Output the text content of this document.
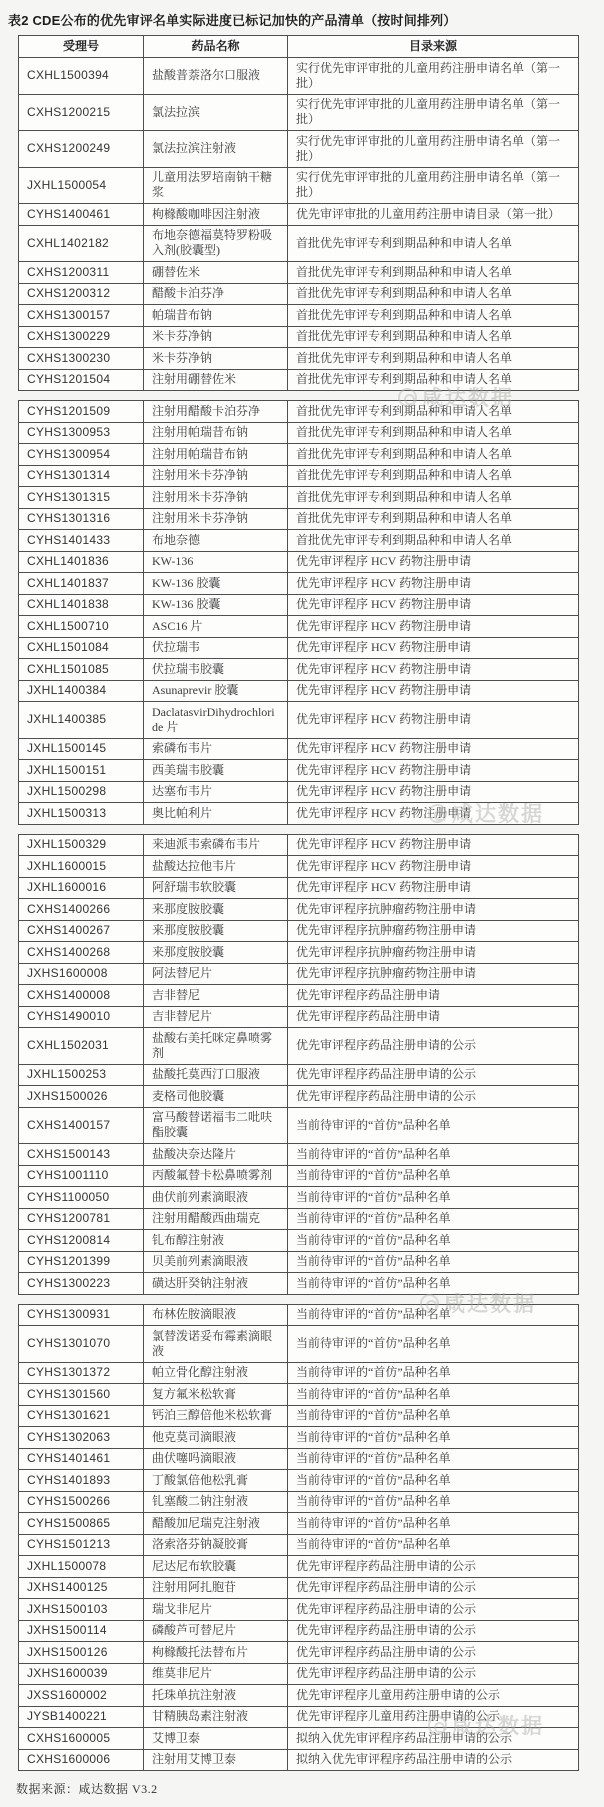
表2 CDE公布的优先审评名单实际进度已标记加快的产品清单（按时间排列）
受理号	药品名称	目录来源
CXHL1500394	盐酸普萘洛尔口服液	实行优先审评审批的儿童用药注册申请名单（第一批）
CXHS1200215	氯法拉滨	实行优先审评审批的儿童用药注册申请名单（第一批）
CXHS1200249	氯法拉滨注射液	实行优先审评审批的儿童用药注册申请名单（第一批）
JXHL1500054	儿童用法罗培南钠干糖浆	实行优先审评审批的儿童用药注册申请名单（第一批）
CYHS1400461	枸橼酸咖啡因注射液	优先审评审批的儿童用药注册申请目录（第一批）
CXHL1402182	布地奈德福莫特罗粉吸入剂(胶囊型)	首批优先审评专利到期品种和申请人名单
CXHS1200311	硼替佐米	首批优先审评专利到期品种和申请人名单
CXHS1200312	醋酸卡泊芬净	首批优先审评专利到期品种和申请人名单
CXHS1300157	帕瑞昔布钠	首批优先审评专利到期品种和申请人名单
CXHS1300229	米卡芬净钠	首批优先审评专利到期品种和申请人名单
CXHS1300230	米卡芬净钠	首批优先审评专利到期品种和申请人名单
CYHS1201504	注射用硼替佐米	首批优先审评专利到期品种和申请人名单
CYHS1201509	注射用醋酸卡泊芬净	首批优先审评专利到期品种和申请人名单
CYHS1300953	注射用帕瑞昔布钠	首批优先审评专利到期品种和申请人名单
CYHS1300954	注射用帕瑞昔布钠	首批优先审评专利到期品种和申请人名单
CYHS1301314	注射用米卡芬净钠	首批优先审评专利到期品种和申请人名单
CYHS1301315	注射用米卡芬净钠	首批优先审评专利到期品种和申请人名单
CYHS1301316	注射用米卡芬净钠	首批优先审评专利到期品种和申请人名单
CYHS1401433	布地奈德	首批优先审评专利到期品种和申请人名单
CXHL1401836	KW-136	优先审评程序 HCV 药物注册申请
CXHL1401837	KW-136 胶囊	优先审评程序 HCV 药物注册申请
CXHL1401838	KW-136 胶囊	优先审评程序 HCV 药物注册申请
CXHL1500710	ASC16 片	优先审评程序 HCV 药物注册申请
CXHL1501084	伏拉瑞韦	优先审评程序 HCV 药物注册申请
CXHL1501085	伏拉瑞韦胶囊	优先审评程序 HCV 药物注册申请
JXHL1400384	Asunaprevir 胶囊	优先审评程序 HCV 药物注册申请
JXHL1400385	DaclatasvirDihydrochloride 片	优先审评程序 HCV 药物注册申请
JXHL1500145	索磷布韦片	优先审评程序 HCV 药物注册申请
JXHL1500151	西美瑞韦胶囊	优先审评程序 HCV 药物注册申请
JXHL1500298	达塞布韦片	优先审评程序 HCV 药物注册申请
JXHL1500313	奥比帕利片	优先审评程序 HCV 药物注册申请
JXHL1500329	来迪派韦索磷布韦片	优先审评程序 HCV 药物注册申请
JXHL1600015	盐酸达拉他韦片	优先审评程序 HCV 药物注册申请
JXHL1600016	阿舒瑞韦软胶囊	优先审评程序 HCV 药物注册申请
CXHS1400266	来那度胺胶囊	优先审评程序抗肿瘤药物注册申请
CXHS1400267	来那度胺胶囊	优先审评程序抗肿瘤药物注册申请
CXHS1400268	来那度胺胶囊	优先审评程序抗肿瘤药物注册申请
JXHS1600008	阿法替尼片	优先审评程序抗肿瘤药物注册申请
CXHS1400008	吉非替尼	优先审评程序药品注册申请
CYHS1490010	吉非替尼片	优先审评程序药品注册申请
CXHL1502031	盐酸右美托咪定鼻喷雾剂	优先审评程序药品注册申请的公示
JXHL1500253	盐酸托莫西汀口服液	优先审评程序药品注册申请的公示
JXHS1500026	麦格司他胶囊	优先审评程序药品注册申请的公示
CXHS1400157	富马酸替诺福韦二吡呋酯胶囊	当前待审评的“首仿”品种名单
CXHS1500143	盐酸决奈达隆片	当前待审评的“首仿”品种名单
CYHS1001110	丙酸氟替卡松鼻喷雾剂	当前待审评的“首仿”品种名单
CYHS1100050	曲伏前列素滴眼液	当前待审评的“首仿”品种名单
CYHS1200781	注射用醋酸西曲瑞克	当前待审评的“首仿”品种名单
CYHS1200814	钆布醇注射液	当前待审评的“首仿”品种名单
CYHS1201399	贝美前列素滴眼液	当前待审评的“首仿”品种名单
CYHS1300223	磺达肝癸钠注射液	当前待审评的“首仿”品种名单
CYHS1300931	布林佐胺滴眼液	当前待审评的“首仿”品种名单
CYHS1301070	氯替泼诺妥布霉素滴眼液	当前待审评的“首仿”品种名单
CYHS1301372	帕立骨化醇注射液	当前待审评的“首仿”品种名单
CYHS1301560	复方氟米松软膏	当前待审评的“首仿”品种名单
CYHS1301621	钙泊三醇倍他米松软膏	当前待审评的“首仿”品种名单
CYHS1302063	他克莫司滴眼液	当前待审评的“首仿”品种名单
CYHS1401461	曲伏噻吗滴眼液	当前待审评的“首仿”品种名单
CYHS1401893	丁酸氯倍他松乳膏	当前待审评的“首仿”品种名单
CYHS1500266	钆塞酸二钠注射液	当前待审评的“首仿”品种名单
CYHS1500865	醋酸加尼瑞克注射液	当前待审评的“首仿”品种名单
CYHS1501213	洛索洛芬钠凝胶膏	当前待审评的“首仿”品种名单
JXHL1500078	尼达尼布软胶囊	优先审评程序药品注册申请的公示
JXHS1400125	注射用阿扎胞苷	优先审评程序药品注册申请的公示
JXHS1500103	瑞戈非尼片	优先审评程序药品注册申请的公示
JXHS1500114	磷酸芦可替尼片	优先审评程序药品注册申请的公示
JXHS1500126	枸橼酸托法替布片	优先审评程序药品注册申请的公示
JXHS1600039	维莫非尼片	优先审评程序药品注册申请的公示
JXSS1600002	托珠单抗注射液	优先审评程序儿童用药注册申请的公示
JYSB1400221	甘精胰岛素注射液	优先审评程序儿童用药注册申请的公示
CXHS1600005	艾博卫泰	拟纳入优先审评程序药品注册申请的公示
CXHS1600006	注射用艾博卫泰	拟纳入优先审评程序药品注册申请的公示
数据来源：咸达数据 V3.2
咸达数据
咸达数据
咸达数据
咸达数据
